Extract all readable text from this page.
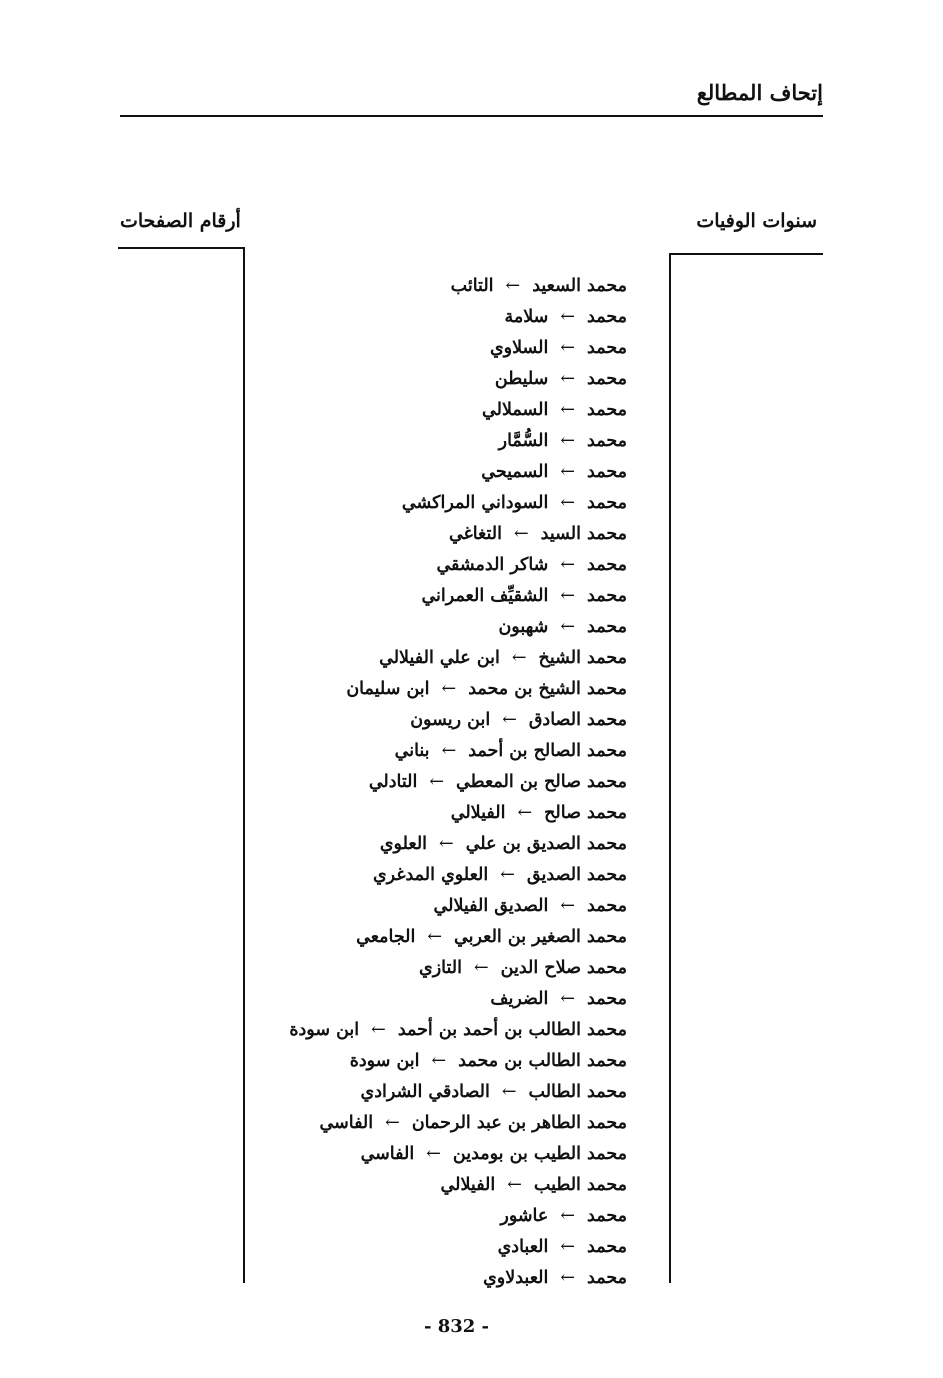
إتحاف المطالع
سنوات الوفيات
أرقام الصفحات
محمد السعيد←التائب
محمد←سلامة
محمد←السلاوي
محمد←سليطن
محمد←السملالي
محمد←السُّمَّار
محمد←السميحي
محمد←السوداني المراكشي
محمد السيد←التغاغي
محمد←شاكر الدمشقي
محمد←الشقيِّف العمراني
محمد←شهبون
محمد الشيخ←ابن علي الفيلالي
محمد الشيخ بن محمد←ابن سليمان
محمد الصادق←ابن ريسون
محمد الصالح بن أحمد←بناني
محمد صالح بن المعطي←التادلي
محمد صالح←الفيلالي
محمد الصديق بن علي←العلوي
محمد الصديق←العلوي المدغري
محمد←الصديق الفيلالي
محمد الصغير بن العربي←الجامعي
محمد صلاح الدين←التازي
محمد←الضريف
محمد الطالب بن أحمد بن أحمد←ابن سودة
محمد الطالب بن محمد←ابن سودة
محمد الطالب←الصادقي الشرادي
محمد الطاهر بن عبد الرحمان←الفاسي
محمد الطيب بن بومدين←الفاسي
محمد الطيب←الفيلالي
محمد←عاشور
محمد←العبادي
محمد←العبدلاوي
- 832 -
